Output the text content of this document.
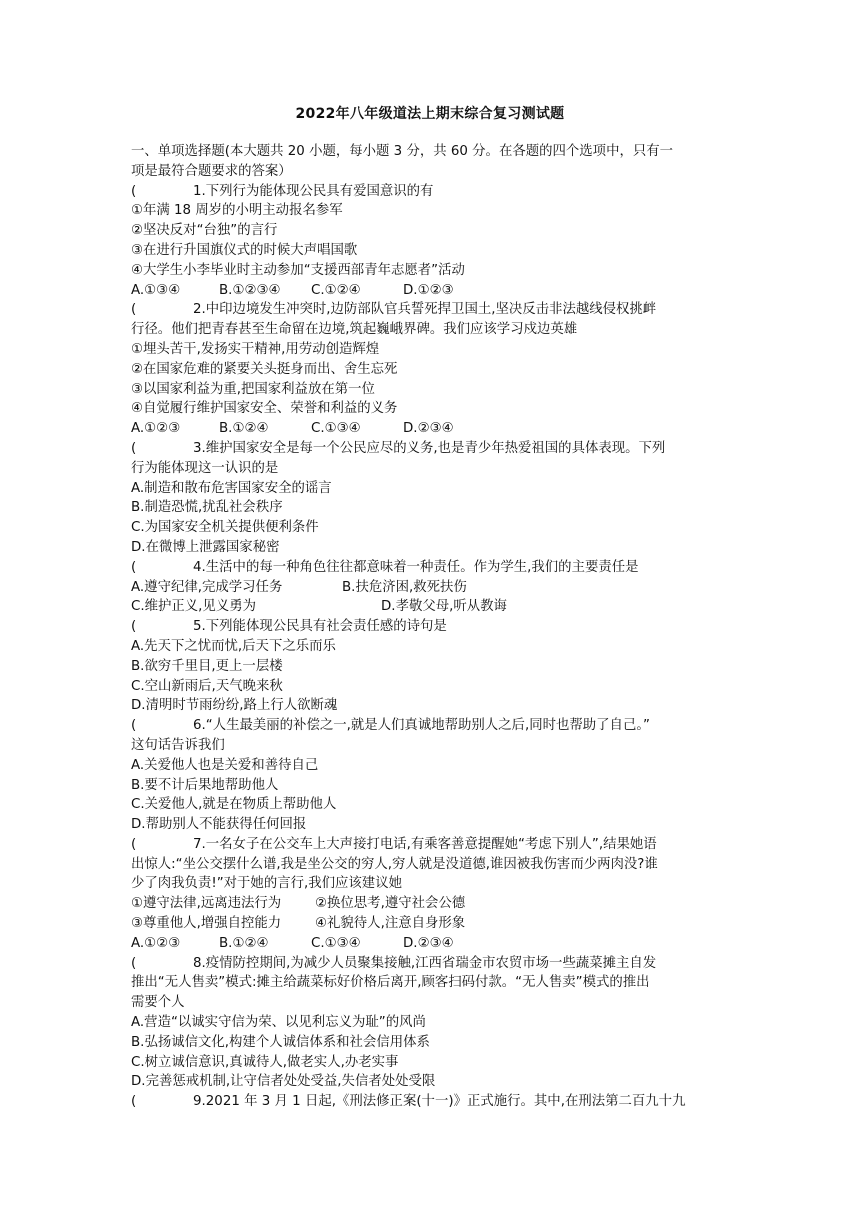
2022年八年级道法上期末综合复习测试题
一、单项选择题(本大题共 20 小题，每小题 3 分，共 60 分。在各题的四个选项中，只有一
项是最符合题要求的答案）
(	1.下列行为能体现公民具有爱国意识的有
①年满 18 周岁的小明主动报名参军
②坚决反对“台独”的言行
③在进行升国旗仪式的时候大声唱国歌
④大学生小李毕业时主动参加“支援西部青年志愿者”活动
A.①③④	B.①②③④ C.①②④	D.①②③
(	2.中印边境发生冲突时,边防部队官兵誓死捍卫国土,坚决反击非法越线侵权挑衅
行径。他们把青春甚至生命留在边境,筑起巍峨界碑。我们应该学习戍边英雄
①埋头苦干,发扬实干精神,用劳动创造辉煌
②在国家危难的紧要关头挺身而出、舍生忘死
③以国家利益为重,把国家利益放在第一位
④自觉履行维护国家安全、荣誉和利益的义务
A.①②③	B.①②④	C.①③④	D.②③④
(	3.维护国家安全是每一个公民应尽的义务,也是青少年热爱祖国的具体表现。下列
行为能体现这一认识的是
A.制造和散布危害国家安全的谣言
B.制造恐慌,扰乱社会秩序
C.为国家安全机关提供便利条件
D.在微博上泄露国家秘密
(	4.生活中的每一种角色往往都意味着一种责任。作为学生,我们的主要责任是
A.遵守纪律,完成学习任务	B.扶危济困,救死扶伤
C.维护正义,见义勇为	D.孝敬父母,听从教诲
(	5.下列能体现公民具有社会责任感的诗句是
A.先天下之忧而忧,后天下之乐而乐
B.欲穷千里目,更上一层楼
C.空山新雨后,天气晚来秋
D.清明时节雨纷纷,路上行人欲断魂
(	6.“人生最美丽的补偿之一,就是人们真诚地帮助别人之后,同时也帮助了自己。”
这句话告诉我们
A.关爱他人也是关爱和善待自己
B.要不计后果地帮助他人
C.关爱他人,就是在物质上帮助他人
D.帮助别人不能获得任何回报
(	7.一名女子在公交车上大声接打电话,有乘客善意提醒她“考虑下别人”,结果她语
出惊人:“坐公交摆什么谱,我是坐公交的穷人,穷人就是没道德,谁因被我伤害而少两肉没?谁
少了肉我负责!”对于她的言行,我们应该建议她
①遵守法律,远离违法行为	②换位思考,遵守社会公德
③尊重他人,增强自控能力	④礼貌待人,注意自身形象
A.①②③	B.①②④	C.①③④	D.②③④
(	8.疫情防控期间,为减少人员聚集接触,江西省瑞金市农贸市场一些蔬菜摊主自发
推出“无人售卖”模式:摊主给蔬菜标好价格后离开,顾客扫码付款。“无人售卖”模式的推出
需要个人
A.营造“以诚实守信为荣、以见利忘义为耻”的风尚
B.弘扬诚信文化,构建个人诚信体系和社会信用体系
C.树立诚信意识,真诚待人,做老实人,办老实事
D.完善惩戒机制,让守信者处处受益,失信者处处受限
(	9.2021 年 3 月 1 日起,《刑法修正案(十一)》正式施行。其中,在刑法第二百九十九
